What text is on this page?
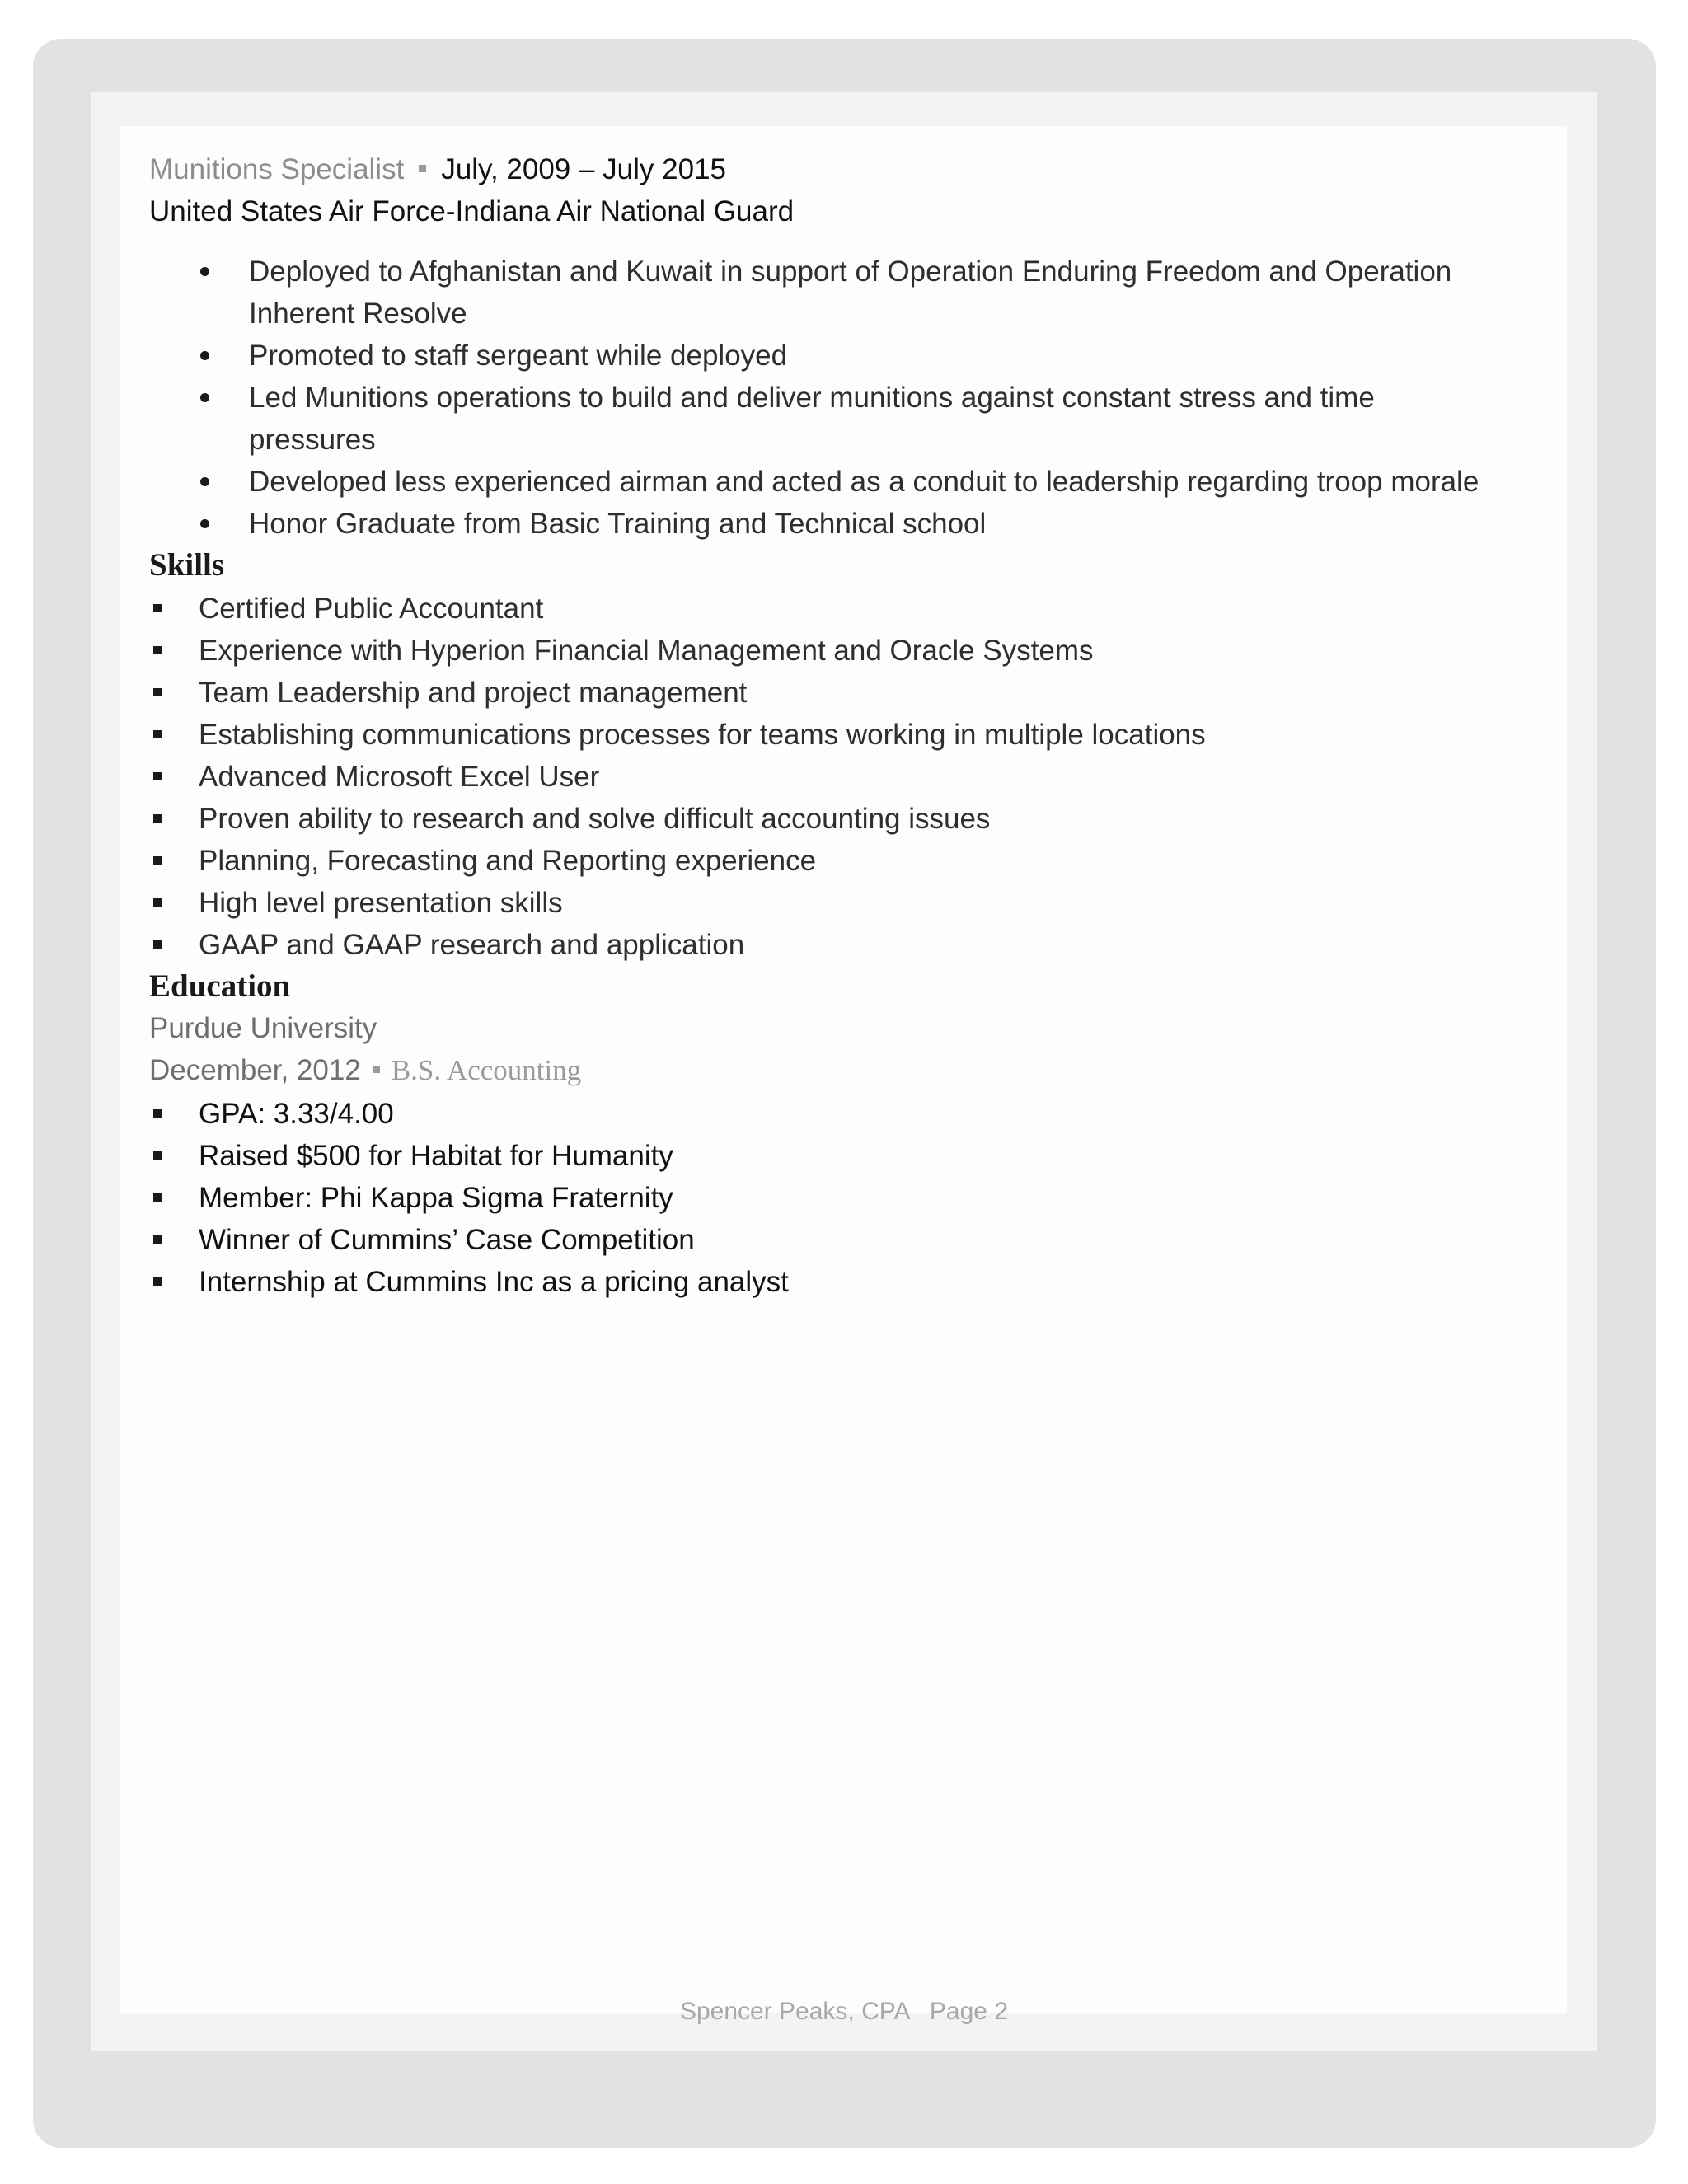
Munitions Specialist July, 2009 – July 2015

United States Air Force-Indiana Air National Guard

Deployed to Afghanistan and Kuwait in support of Operation Enduring Freedom and Operation Inherent Resolve
Promoted to staff sergeant while deployed
Led Munitions operations to build and deliver munitions against constant stress and time pressures
Developed less experienced airman and acted as a conduit to leadership regarding troop morale
Honor Graduate from Basic Training and Technical school
Skills
Certified Public Accountant
Experience with Hyperion Financial Management and Oracle Systems
Team Leadership and project management
Establishing communications processes for teams working in multiple locations
Advanced Microsoft Excel User
Proven ability to research and solve difficult accounting issues
Planning, Forecasting and Reporting experience
High level presentation skills
GAAP and GAAP research and application
Education

Purdue University

December, 2012 B.S. Accounting

GPA: 3.33/4.00
Raised $500 for Habitat for Humanity
Member: Phi Kappa Sigma Fraternity
Winner of Cummins’ Case Competition
Internship at Cummins Inc as a pricing analyst
Spencer Peaks, CPA Page 2
